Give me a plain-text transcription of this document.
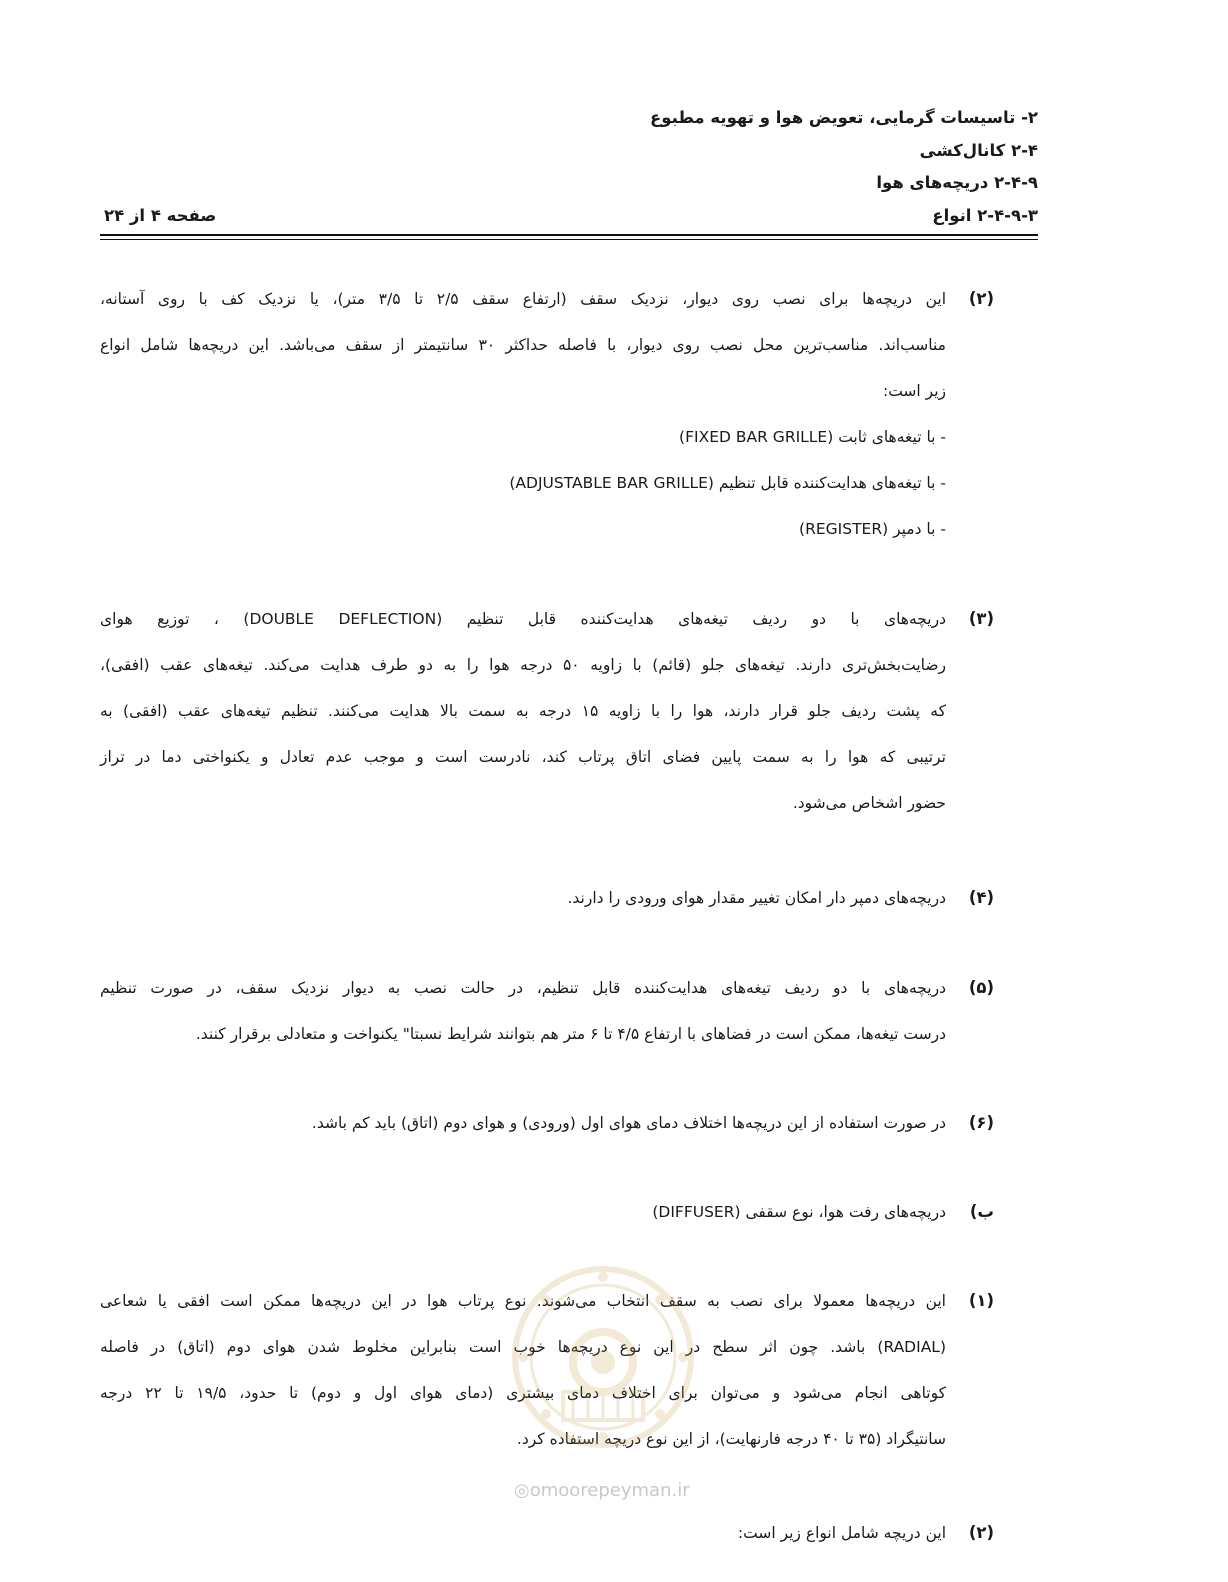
۲- تاسیسات گرمایی، تعویض هوا و تهویه مطبوع
۲-۴ کانال‌کشی
۲-۴-۹ دریچه‌های هوا
۲-۴-۹-۳ انواع
صفحه ۴ از ۲۴
(۲)
این دریچه‌ها برای نصب روی دیوار، نزدیک سقف (ارتفاع سقف ۲/۵ تا ۳/۵ متر)، یا نزدیک کف با روی آستانه،
مناسب‌اند. مناسب‌ترین محل نصب روی دیوار، با فاصله حداکثر ۳۰ سانتیمتر از سقف می‌باشد. این دریچه‌ها شامل انواع
زیر است:
- با تیغه‌های ثابت (FIXED BAR GRILLE)
- با تیغه‌های هدایت‌کننده قابل تنظیم (ADJUSTABLE BAR GRILLE)
- با دمپر (REGISTER)
(۳)
دریچه‌های با دو ردیف تیغه‌های هدایت‌کننده قابل تنظیم (DOUBLE DEFLECTION) ، توزیع هوای
رضایت‌بخش‌تری دارند. تیغه‌های جلو (قائم) با زاویه ۵۰ درجه هوا را به دو طرف هدایت می‌کند. تیغه‌های عقب (افقی)،
که پشت ردیف جلو قرار دارند، هوا را با زاویه ۱۵ درجه به سمت بالا هدایت می‌کنند. تنظیم تیغه‌های عقب (افقی) به
ترتیبی که هوا را به سمت پایین فضای اتاق پرتاب کند، نادرست است و موجب عدم تعادل و یکنواختی دما در تراز
حضور اشخاص می‌شود.
(۴)
دریچه‌های دمپر دار امکان تغییر مقدار هوای ورودی را دارند.
(۵)
دریچه‌های با دو ردیف تیغه‌های هدایت‌کننده قابل تنظیم، در حالت نصب به دیوار نزدیک سقف، در صورت تنظیم
درست تیغه‌ها، ممکن است در فضاهای با ارتفاع ۴/۵ تا ۶ متر هم بتوانند شرایط نسبتا" یکنواخت و متعادلی برقرار کنند.
(۶)
در صورت استفاده از این دریچه‌ها اختلاف دمای هوای اول (ورودی) و هوای دوم (اتاق) باید کم باشد.
ب)
دریچه‌های رفت هوا، نوع سقفی (DIFFUSER)
(۱)
این دریچه‌ها معمولا برای نصب به سقف انتخاب می‌شوند. نوع پرتاب هوا در این دریچه‌ها ممکن است افقی یا شعاعی
(RADIAL) باشد. چون اثر سطح در این نوع دریچه‌ها خوب است بنابراین مخلوط شدن هوای دوم (اتاق) در فاصله
کوتاهی انجام می‌شود و می‌توان برای اختلاف دمای بیشتری (دمای هوای اول و دوم) تا حدود، ۱۹/۵ تا ۲۲ درجه
سانتیگراد (۳۵ تا ۴۰ درجه فارنهایت)، از این نوع دریچه استفاده کرد.
(۲)
این دریچه شامل انواع زیر است:
◎omoorepeyman.ir
